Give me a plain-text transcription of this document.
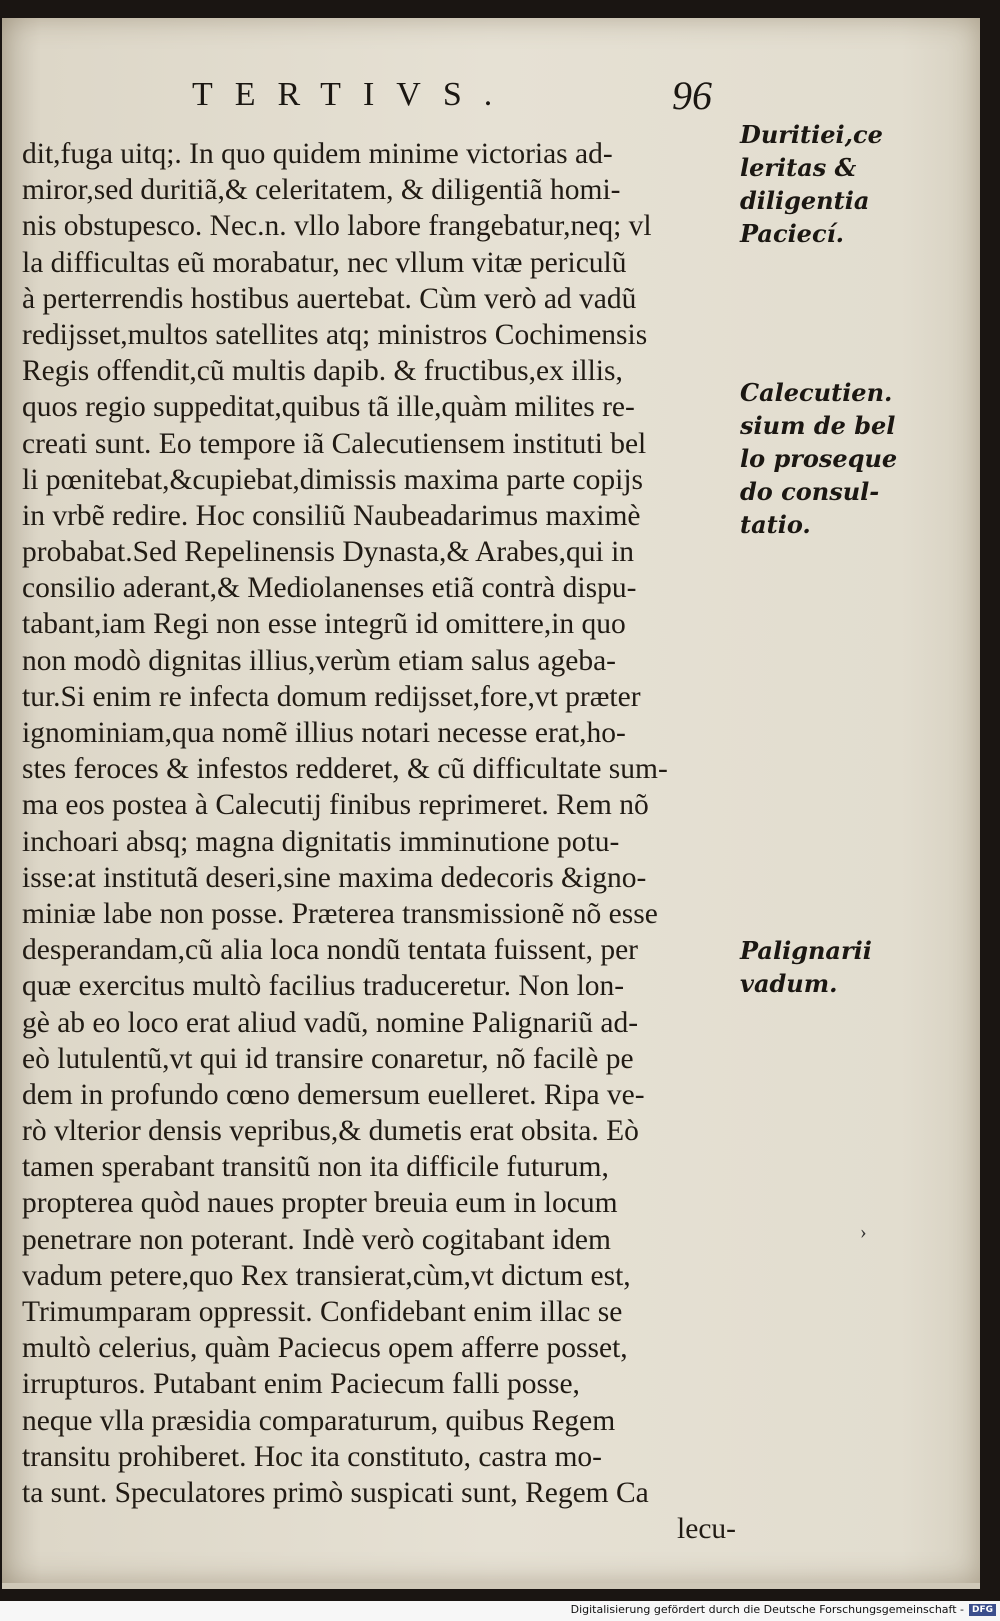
TERTIVS.	96
dit,fuga uitq;. In quo quidem minime victorias ad-
miror,sed duritiã,& celeritatem, & diligentiã homi-
nis obstupesco. Nec.n. vllo labore frangebatur,neq; vl
la difficultas eũ morabatur, nec vllum vitæ periculũ
à perterrendis hostibus auertebat. Cùm verò ad vadũ
redijsset,multos satellites atq; ministros Cochimensis
Regis offendit,cũ multis dapib. & fructibus,ex illis,
quos regio suppeditat,quibus tã ille,quàm milites re-
creati sunt. Eo tempore iã Calecutiensem instituti bel
li pœnitebat,&cupiebat,dimissis maxima parte copijs
in vrbẽ redire. Hoc consiliũ Naubeadarimus maximè
probabat.Sed Repelinensis Dynasta,& Arabes,qui in
consilio aderant,& Mediolanenses etiã contrà dispu-
tabant,iam Regi non esse integrũ id omittere,in quo
non modò dignitas illius,verùm etiam salus ageba-
tur.Si enim re infecta domum redijsset,fore,vt præter
ignominiam,qua nomẽ illius notari necesse erat,ho-
stes feroces & infestos redderet, & cũ difficultate sum-
ma eos postea à Calecutij finibus reprimeret. Rem nõ
inchoari absq; magna dignitatis imminutione potu-
isse:at institutã deseri,sine maxima dedecoris &igno-
miniæ labe non posse. Præterea transmissionẽ nõ esse
desperandam,cũ alia loca nondũ tentata fuissent, per
quæ exercitus multò facilius traduceretur. Non lon-
gè ab eo loco erat aliud vadũ, nomine Palignariũ ad-
eò lutulentũ,vt qui id transire conaretur, nõ facilè pe
dem in profundo cœno demersum euelleret. Ripa ve-
rò vlterior densis vepribus,& dumetis erat obsita. Eò
tamen sperabant transitũ non ita difficile futurum,
propterea quòd naues propter breuia eum in locum
penetrare non poterant. Indè verò cogitabant idem
vadum petere,quo Rex transierat,cùm,vt dictum est,
Trimumparam oppressit. Confidebant enim illac se
multò celerius, quàm Paciecus opem afferre posset,
irrupturos. Putabant enim Paciecum falli posse,
neque vlla præsidia comparaturum, quibus Regem
transitu prohiberet. Hoc ita constituto, castra mo-
ta sunt. Speculatores primò suspicati sunt, Regem Ca
lecu-
Duritiei,ce
leritas &
diligentia
Paciecí.
Calecutien.
sium de bel
lo proseque
do consul-
tatio.
Palignarii
vadum.
›
Digitalisierung gefördert durch die Deutsche Forschungsgemeinschaft - DFG
